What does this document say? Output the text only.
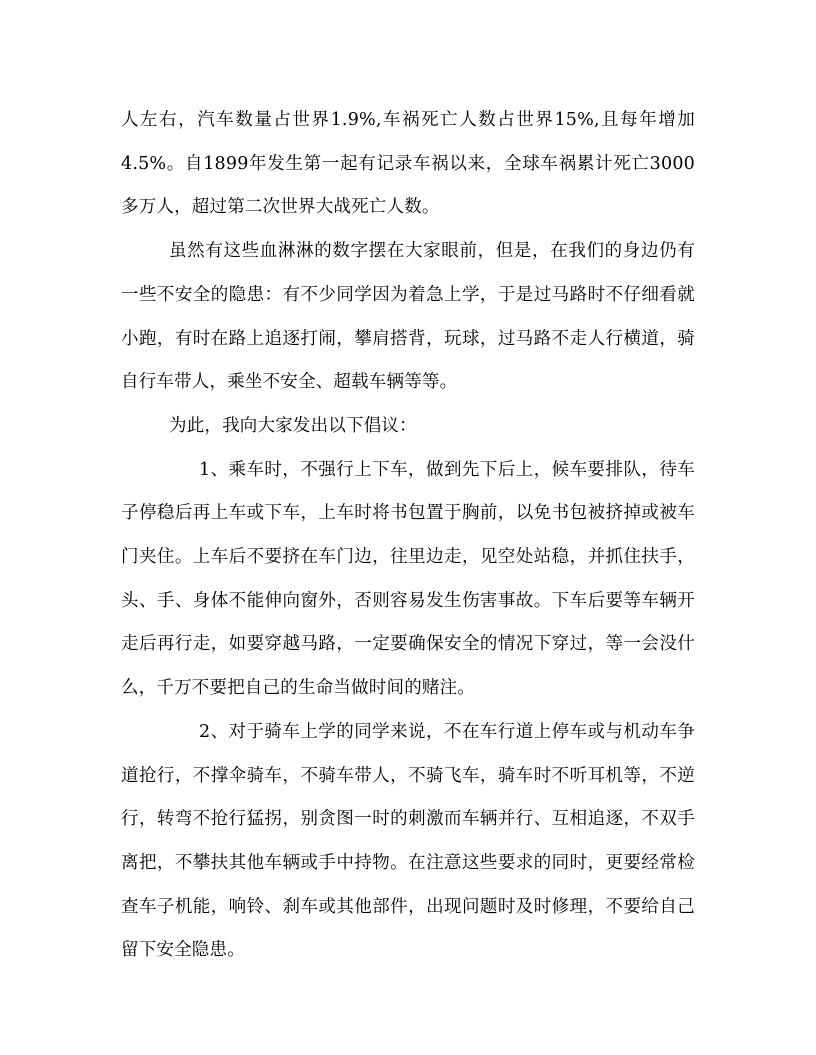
人左右，汽车数量占世界1.9%,车祸死亡人数占世界15%,且每年增加4.5%。自1899年发生第一起有记录车祸以来，全球车祸累计死亡3000多万人，超过第二次世界大战死亡人数。

虽然有这些血淋淋的数字摆在大家眼前，但是，在我们的身边仍有一些不安全的隐患：有不少同学因为着急上学，于是过马路时不仔细看就小跑，有时在路上追逐打闹，攀肩搭背，玩球，过马路不走人行横道，骑自行车带人，乘坐不安全、超载车辆等等。

为此，我向大家发出以下倡议：

1、乘车时，不强行上下车，做到先下后上，候车要排队，待车子停稳后再上车或下车，上车时将书包置于胸前，以免书包被挤掉或被车门夹住。上车后不要挤在车门边，往里边走，见空处站稳，并抓住扶手，头、手、身体不能伸向窗外，否则容易发生伤害事故。下车后要等车辆开走后再行走，如要穿越马路，一定要确保安全的情况下穿过，等一会没什么，千万不要把自己的生命当做时间的赌注。

2、对于骑车上学的同学来说，不在车行道上停车或与机动车争道抢行，不撑伞骑车，不骑车带人，不骑飞车，骑车时不听耳机等，不逆行，转弯不抢行猛拐，别贪图一时的刺激而车辆并行、互相追逐，不双手离把，不攀扶其他车辆或手中持物。在注意这些要求的同时，更要经常检查车子机能，响铃、刹车或其他部件，出现问题时及时修理，不要给自己留下安全隐患。
